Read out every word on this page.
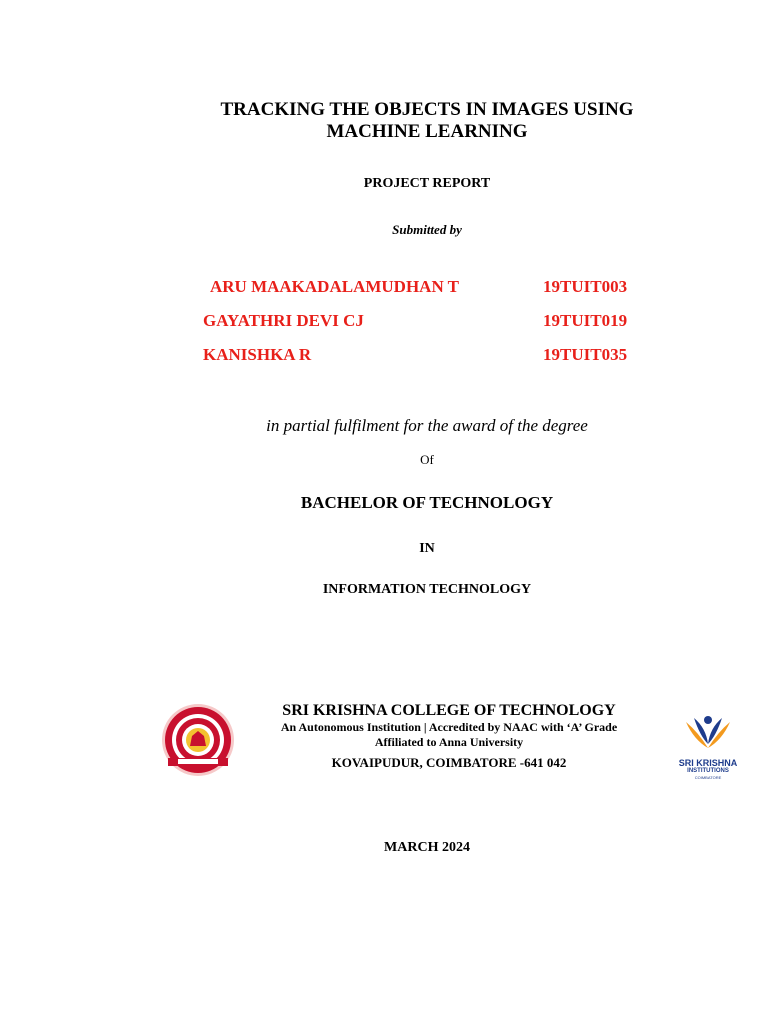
TRACKING THE OBJECTS IN IMAGES USING MACHINE LEARNING
PROJECT REPORT
Submitted by
ARU MAAKADALAMUDHAN T	19TUIT003
GAYATHRI DEVI CJ	19TUIT019
KANISHKA R	19TUIT035
in partial fulfilment for the award of the degree
Of
BACHELOR OF TECHNOLOGY
IN
INFORMATION TECHNOLOGY
SRI KRISHNA COLLEGE OF TECHNOLOGY
An Autonomous Institution | Accredited by NAAC with ‘A’ Grade
Affiliated to Anna University
KOVAIPUDUR, COIMBATORE -641 042	SRI KRISHNA
INSTITUTIONS
COIMBATORE
MARCH 2024
